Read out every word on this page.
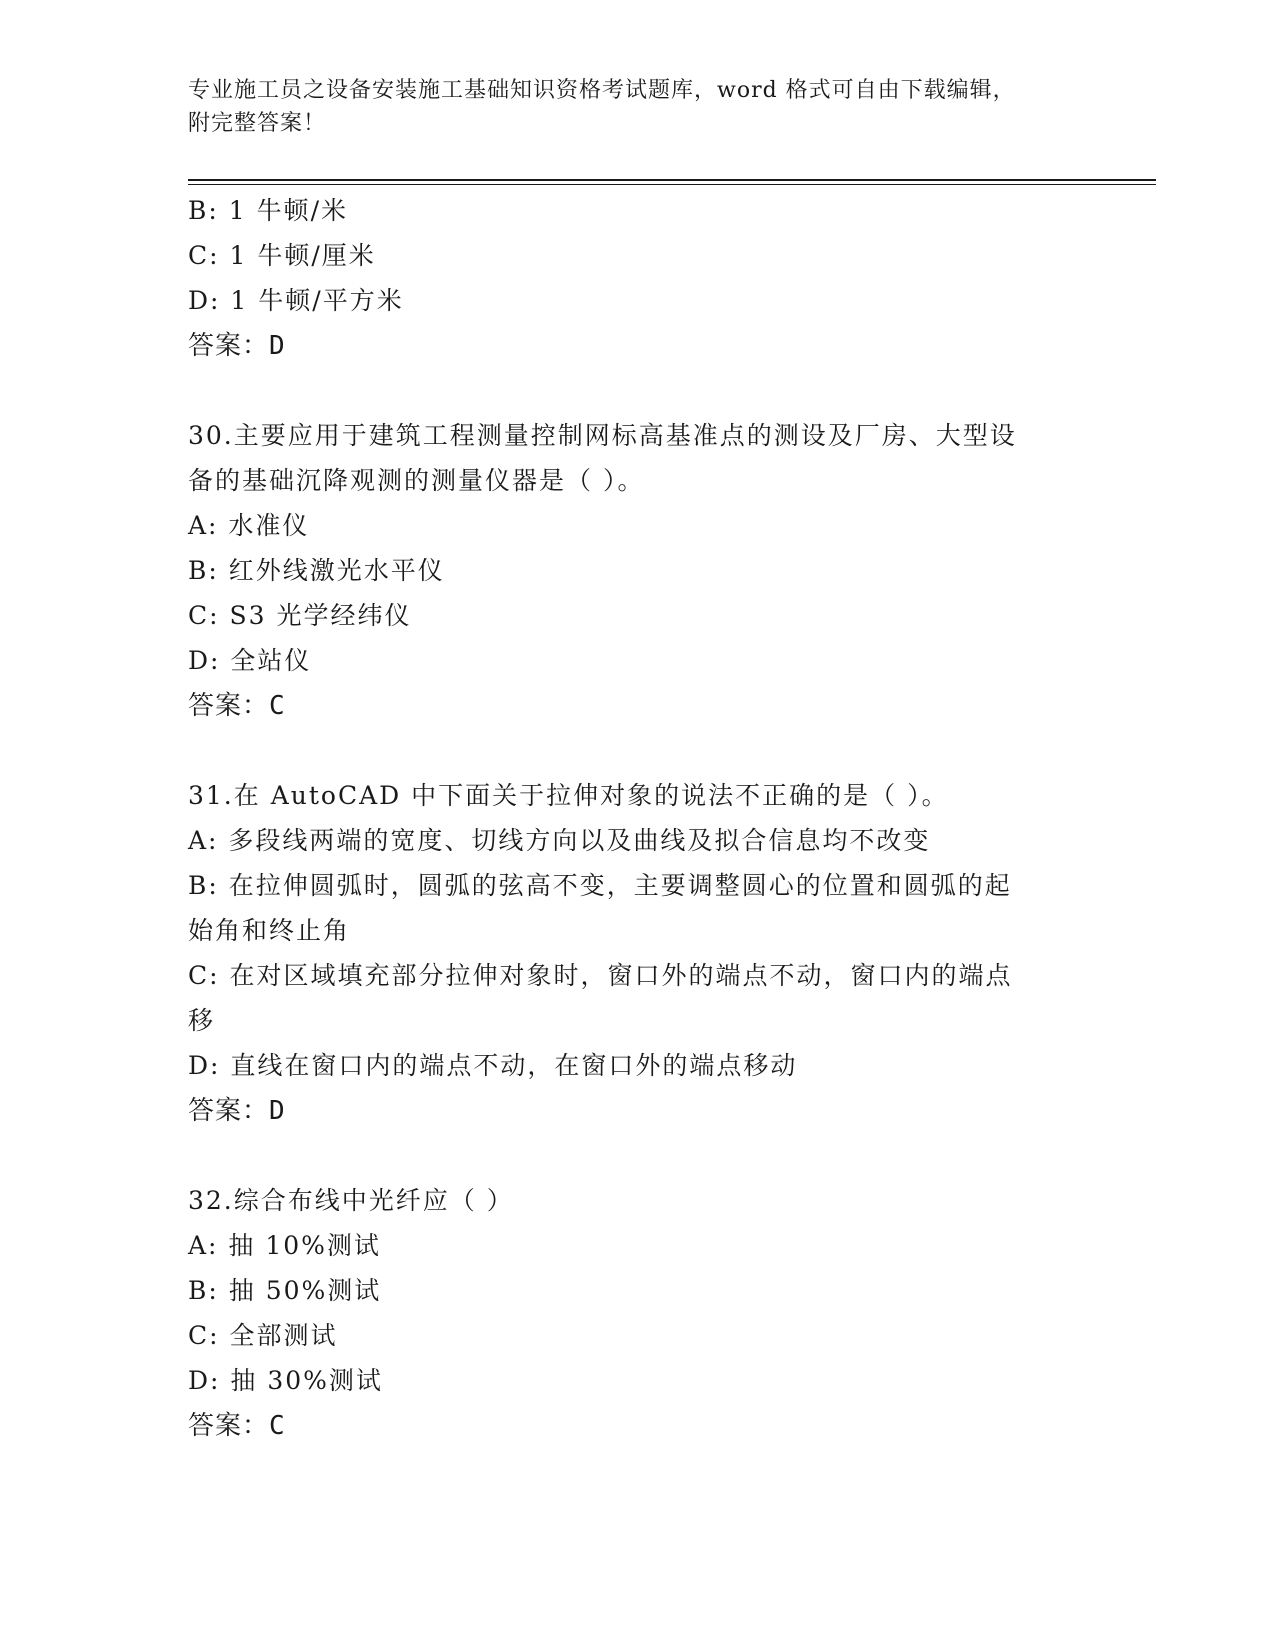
专业施工员之设备安装施工基础知识资格考试题库，word 格式可自由下载编辑，
附完整答案！
B: 1 牛顿/米
C: 1 牛顿/厘米
D: 1 牛顿/平方米
答案：D
30.主要应用于建筑工程测量控制网标高基准点的测设及厂房、大型设
备的基础沉降观测的测量仪器是（ ）。
A: 水准仪
B: 红外线激光水平仪
C: S3 光学经纬仪
D: 全站仪
答案：C
31.在 AutoCAD 中下面关于拉伸对象的说法不正确的是（ ）。
A: 多段线两端的宽度、切线方向以及曲线及拟合信息均不改变
B: 在拉伸圆弧时，圆弧的弦高不变，主要调整圆心的位置和圆弧的起
始角和终止角
C: 在对区域填充部分拉伸对象时，窗口外的端点不动，窗口内的端点
移
D: 直线在窗口内的端点不动，在窗口外的端点移动
答案：D
32.综合布线中光纤应（ ）
A: 抽 10%测试
B: 抽 50%测试
C: 全部测试
D: 抽 30%测试
答案：C
